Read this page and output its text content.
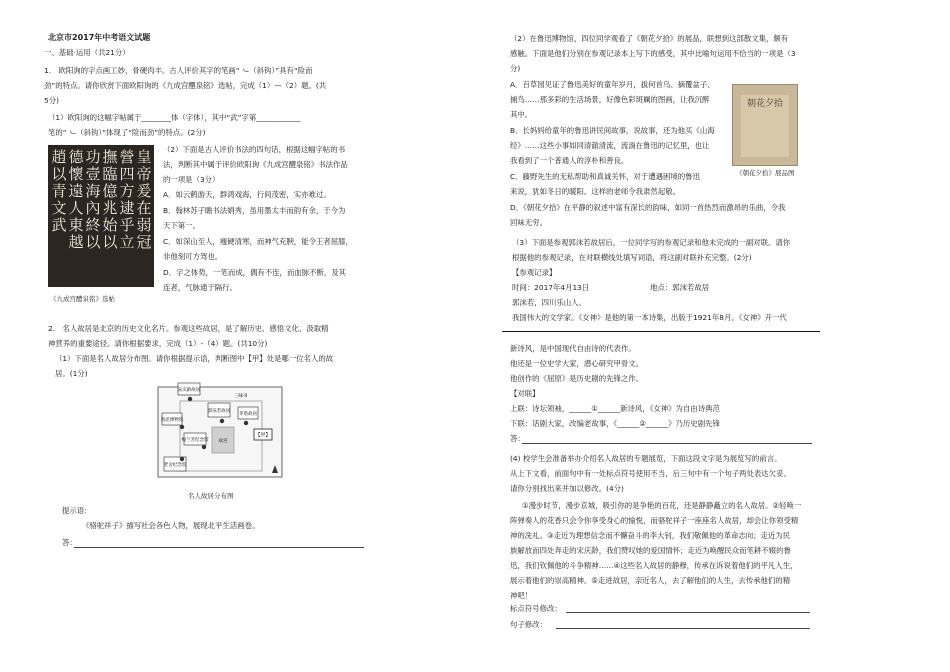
北京市2017年中考语文试题
一、基础·运用（共21分）
1.　欧阳询的字点画工妙，骨硬肉丰。古人评价其字的笔画“ ㇃（斜钩）”具有“险而
劲”的特点。请你欣赏下面欧阳询的《九成宫醴泉铭》选帖，完成（1）—（2）题。(共
5分)
（1）欧阳询的这幅字帖属于________体（字体），其中“武”字第____________
笔的“ ㇃（斜钩）”体现了“险而劲”的特点。(2分)
皇帝爰在弱冠
營四方逮乎立
撫臨億兆始以
功壹海內終以
德懷遠人東越
趙以青文武
《九成宫醴泉铭》选帖
（2）下面是古人评价书法的四句话，根据这幅字帖的书
法，判断其中属于评价欧阳询《九成宫醴泉铭》书法作品
的一项是（3分）
A．如云鹤游天，群鸿戏海，行间茂密，实亦难过。
B．翰林苏子瞻书法娟秀，虽用墨太丰而韵有余，于今为
天下第一。
C．如深山至人，瘦硬清寒，而神气充腴，能令王者屈膝，
非他刻可方驾也。
D．字之体势，一笔而成，偶有不连，而血脉不断，及其
连者，气脉通于隔行。
2.　名人故居是北京的历史文化名片。参观这些故居，是了解历史、感悟文化、汲取精
神营养的重要途径。请你根据要求，完成（1）-（4）题。(共10分)
（1）下面是名人故居分布图。请你根据提示语，判断图中【甲】处是哪一位名人的故
居。(1分)
宋庆龄故居
三味书
鲁迅博物馆
郭沫若故居
梅兰芳纪念馆
茅盾故居
【甲】
故宫
老舍纪念馆
名人故居分布图
提示语：
《骆驼祥子》描写社会各色人物，展现北平生活画卷。
答：
（2）在鲁迅博物馆，四位同学观看了《朝花夕拾》的展品，联想到这部散文集，颇有
感触。下面是他们分别在参观记录本上写下的感受，其中比喻句运用不恰当的一项是（3
分)
A．百草园见证了鲁迅美好的童年岁月，拔何首乌、摘覆盆子、
捕鸟……那多彩的生活场景，好像色彩斑斓的图画，让我沉醉
其中。
B．长妈妈给童年的鲁迅讲民间故事，说故事，还为他买《山海
经》……这些小事如同清澈清流，流淌在鲁迅的记忆里，也让
我看到了一个普通人的淳朴和善良。
C．藤野先生的无私帮助和真诚关怀，对于遭遇困境的鲁迅
来说，犹如冬日的暖阳。这样的老师令我肃然起敬。
D．《朝花夕拾》在平静的叙述中富有深长的韵味，如同一首热烈而激昂的乐曲，令我
回味无穷。
朝花夕拾
《朝花夕拾》展品图
（3）下面是参观郭沫若故居后，一位同学写的参观记录和他未完成的一副对联。请你
根据他的参观记录，在对联横线处填写词语，将这副对联补充完整。(2分)
【参观记录】
时间：2017年4月13日	地点：郭沫若故居
郭沫若，四川乐山人。
我国伟大的文学家。《女神》是他的第一本诗集，出版于1921年8月。《女神》开一代
新诗风，是中国现代自由诗的代表作。
他还是一位史学大家，潜心研究甲骨文。
他创作的《屈原》是历史剧的先锋之作。
【对联】
上联：诗坛领袖，______①______新诗风，《女神》为自由诗典范
下联：话剧大家，改编老故事，《______②______》乃历史剧先锋
答：
(4) 校学生会准备举办介绍名人故居的专题展览，下面这段文字是为展览写的前言。
从上下文看，前面句中有一处标点符号使用不当，后三句中有一个句子两处表达欠妥。
请你分别找出来并加以修改。(4分)
①漫步时节，漫步京城，吸引你的是争艳的百花，还是静静矗立的名人故居。②轻唤一
阵弹奏人的花香只会令你享受身心的愉悦，而骆驼祥子一座座名人故居，却会让你领受精
神的洗礼。③走近为理想信念而不懈奋斗的李大钊，我们敬佩他的革命志向；走近为民
族解放而四处奔走的宋庆龄，我们赞叹她的爱国情怀；走近为唤醒民众而笔耕不辍的鲁
迅，我们钦佩他的斗争精神……④这些名人故居的静穆，传承在诉说着他们的平凡人生，
展示着他们的崇高精神。⑤走进故居，亲近名人，去了解他们的人生，去传承他们的精
神吧！
标点符号修改：
句子修改：
